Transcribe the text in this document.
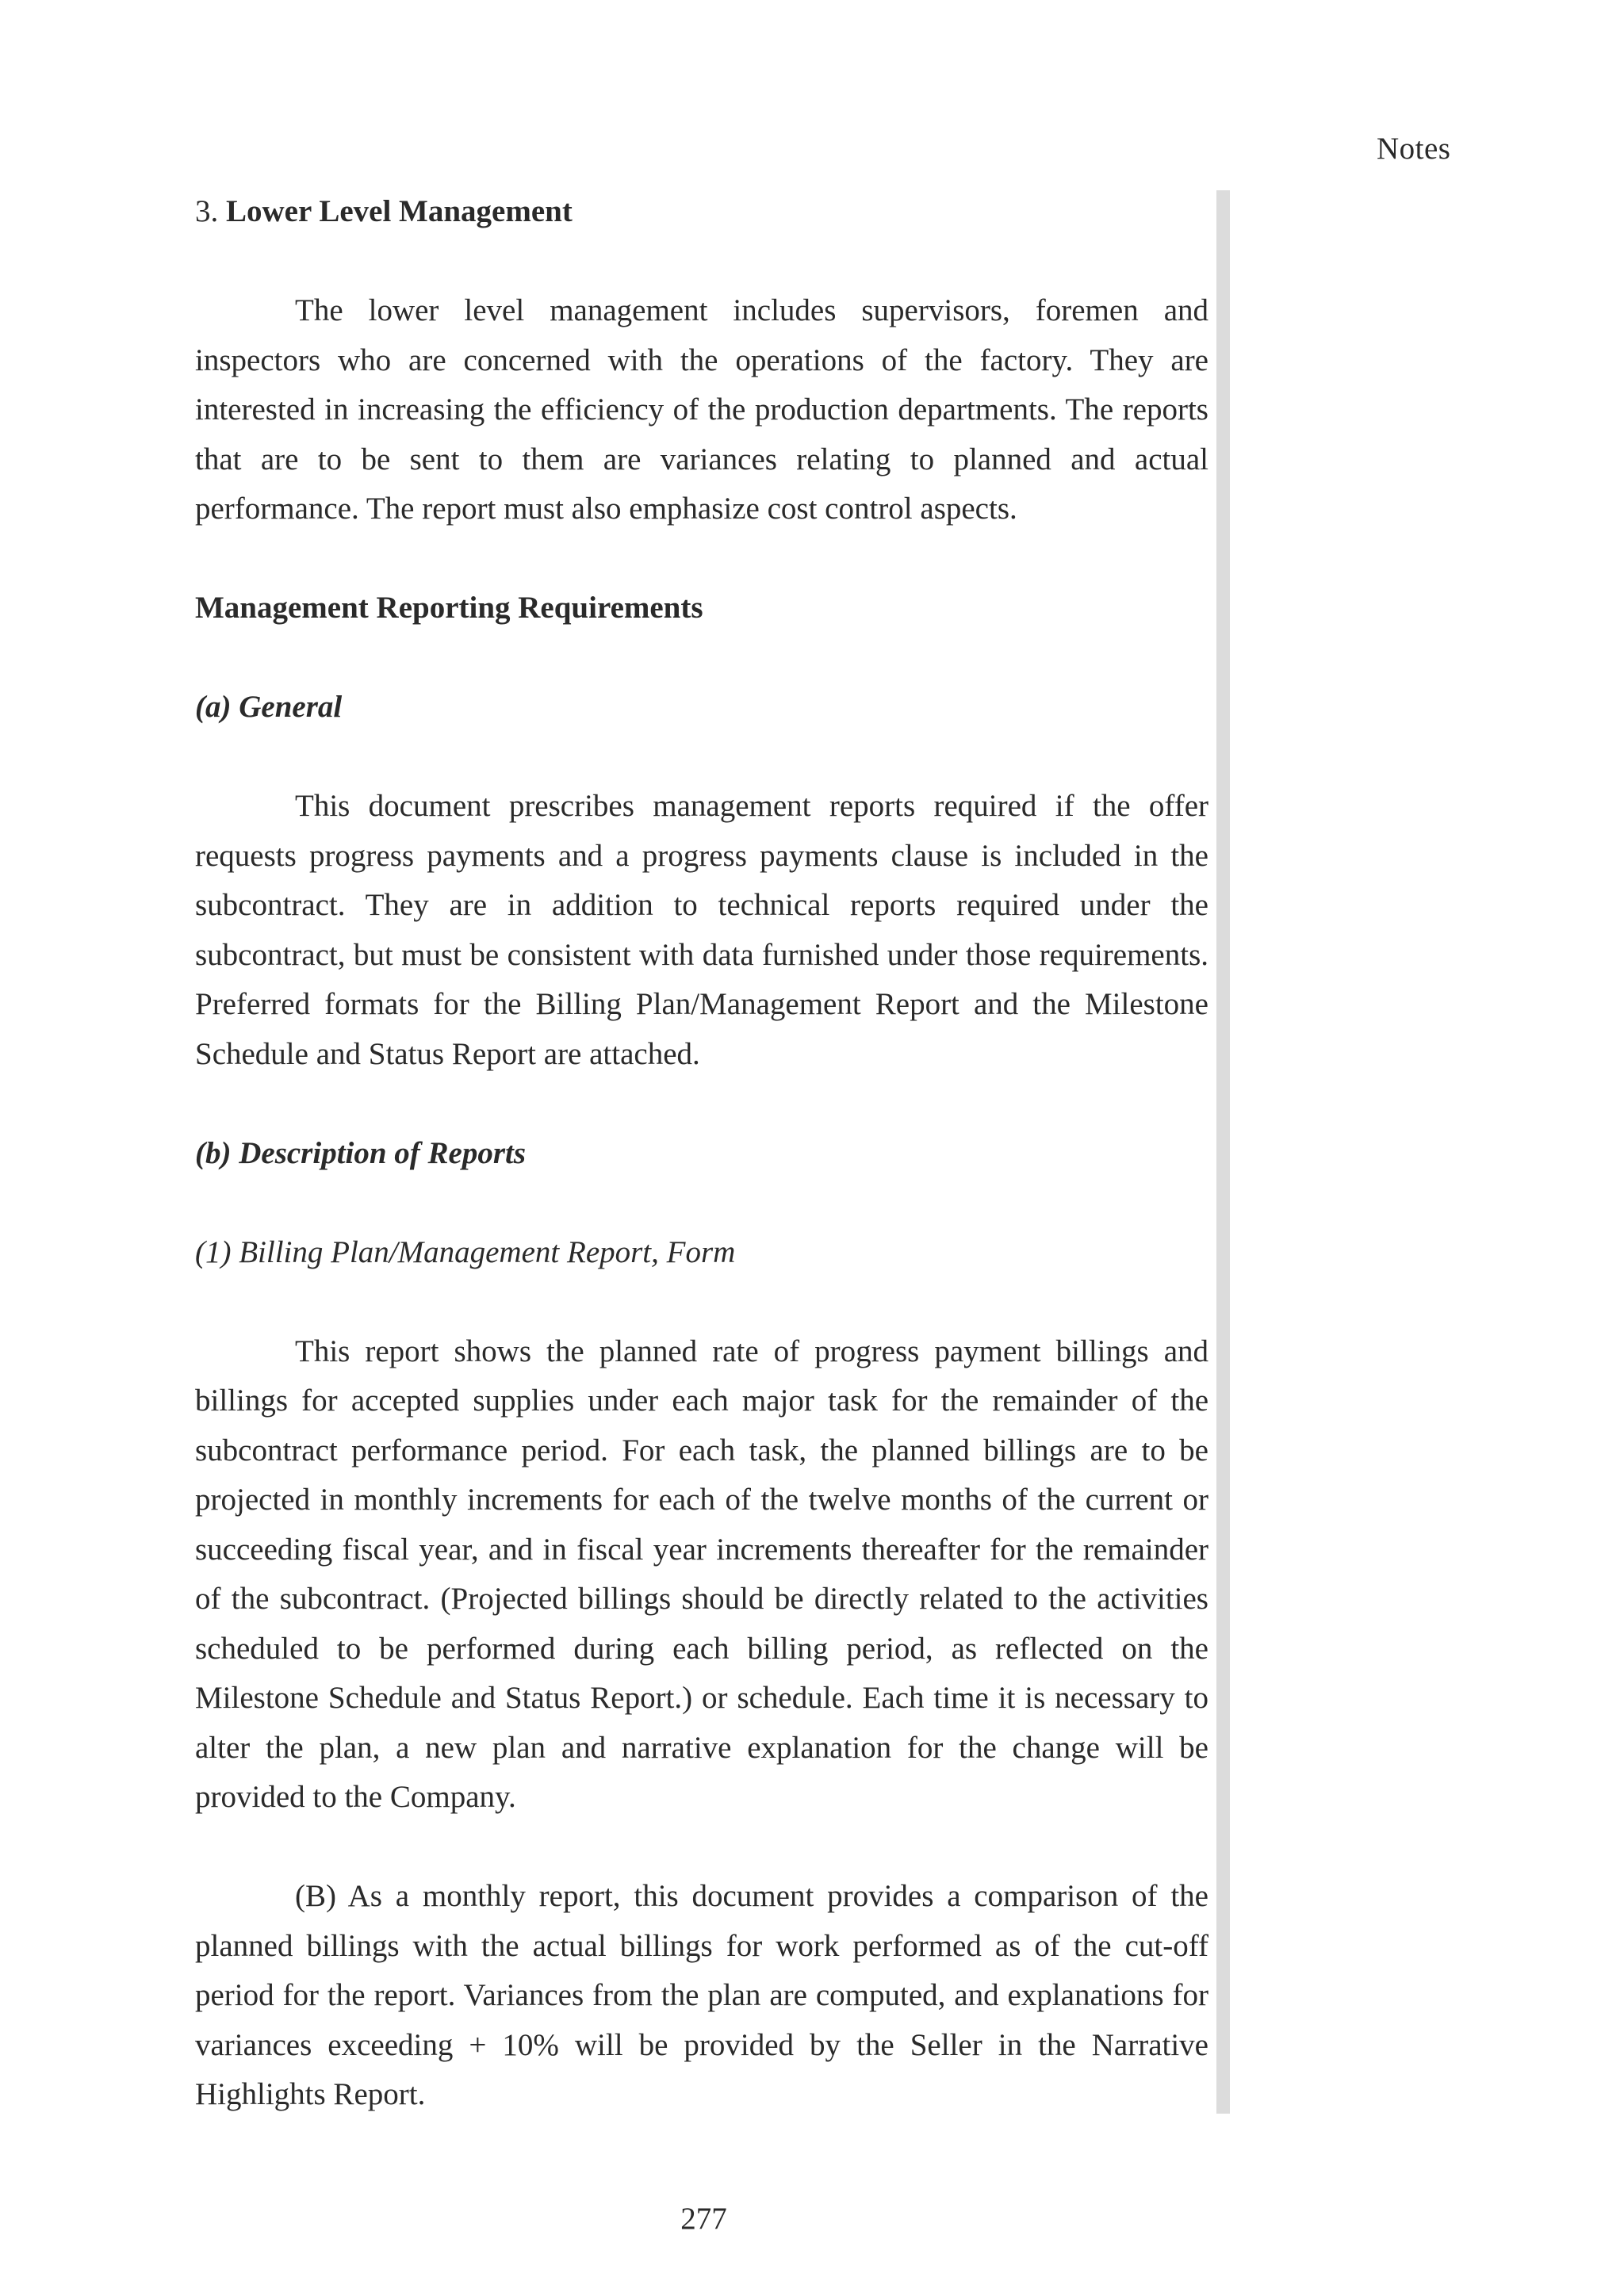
Notes

3. Lower Level Management

The lower level management includes supervisors, foremen and inspectors who are concerned with the operations of the factory. They are interested in increasing the efficiency of the production departments. The reports that are to be sent to them are variances relating to planned and actual performance. The report must also emphasize cost control aspects.

Management Reporting Requirements

(a) General

This document prescribes management reports required if the offer requests progress payments and a progress payments clause is included in the subcontract. They are in addition to technical reports required under the subcontract, but must be consistent with data furnished under those requirements. Preferred formats for the Billing Plan/Management Report and the Milestone Schedule and Status Report are attached.

(b) Description of Reports

(1) Billing Plan/Management Report, Form

This report shows the planned rate of progress payment billings and billings for accepted supplies under each major task for the remainder of the subcontract performance period. For each task, the planned billings are to be projected in monthly increments for each of the twelve months of the current or succeeding fiscal year, and in fiscal year increments thereafter for the remainder of the subcontract. (Projected billings should be directly related to the activities scheduled to be performed during each billing period, as reflected on the Milestone Schedule and Status Report.) or schedule. Each time it is necessary to alter the plan, a new plan and narrative explanation for the change will be provided to the Company.

(B) As a monthly report, this document provides a comparison of the planned billings with the actual billings for work performed as of the cut-off period for the report. Variances from the plan are computed, and explanations for variances exceeding + 10% will be provided by the Seller in the Narrative Highlights Report.

277
